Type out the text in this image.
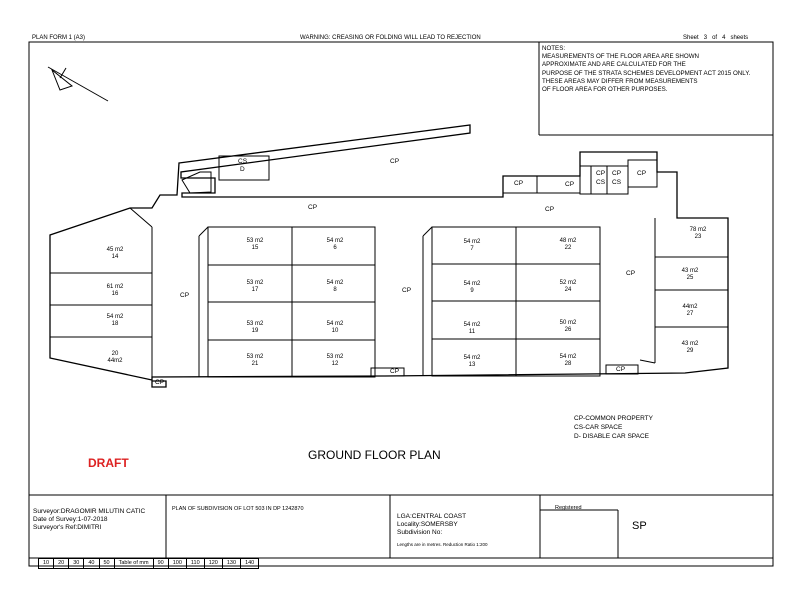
PLAN FORM 1 (A3)	WARNING: CREASING OR FOLDING WILL LEAD TO REJECTION	Sheet 3 of 4 sheets
NOTES:
MEASUREMENTS OF THE FLOOR AREA ARE SHOWN
APPROXIMATE AND ARE CALCULATED FOR THE
PURPOSE OF THE STRATA SCHEMES DEVELOPMENT ACT 2015 ONLY.
THESE AREAS MAY DIFFER FROM MEASUREMENTS
OF FLOOR AREA FOR OTHER PURPOSES.
CP
CP	CP
CP
CP
CP
CP	CP
CP
CS
CP
CS
CP
CS
D
CP
CP	CP
53 m2
15
54 m2
6
53 m2
17
54 m2
8
53 m2
19
54 m2
10
53 m2
21
53 m2
12
54 m2
7
48 m2
22
54 m2
9
52 m2
24
54 m2
11
50 m2
26
54 m2
13
54 m2
28
45 m2
14
61 m2
16
54 m2
18
20
44m2
78 m2
23
43 m2
25
44m2
27
43 m2
29
CP-COMMON PROPERTY
CS-CAR SPACE
D- DISABLE CAR SPACE
DRAFT
GROUND FLOOR PLAN
Surveyor:DRAGOMIR MILUTIN CATIC
Date of Survey:1-07-2018
Surveyor's Ref:DIMITRI
PLAN OF SUBDIVISION OF LOT 503 IN DP 1242870
LGA:CENTRAL COAST
Locality:SOMERSBY
Subdivision No:
Lengths are in metres. Reduction Ratio 1:200
Registered
SP
10	20	30	40	50	Table of mm	90	100	110	120	130	140
